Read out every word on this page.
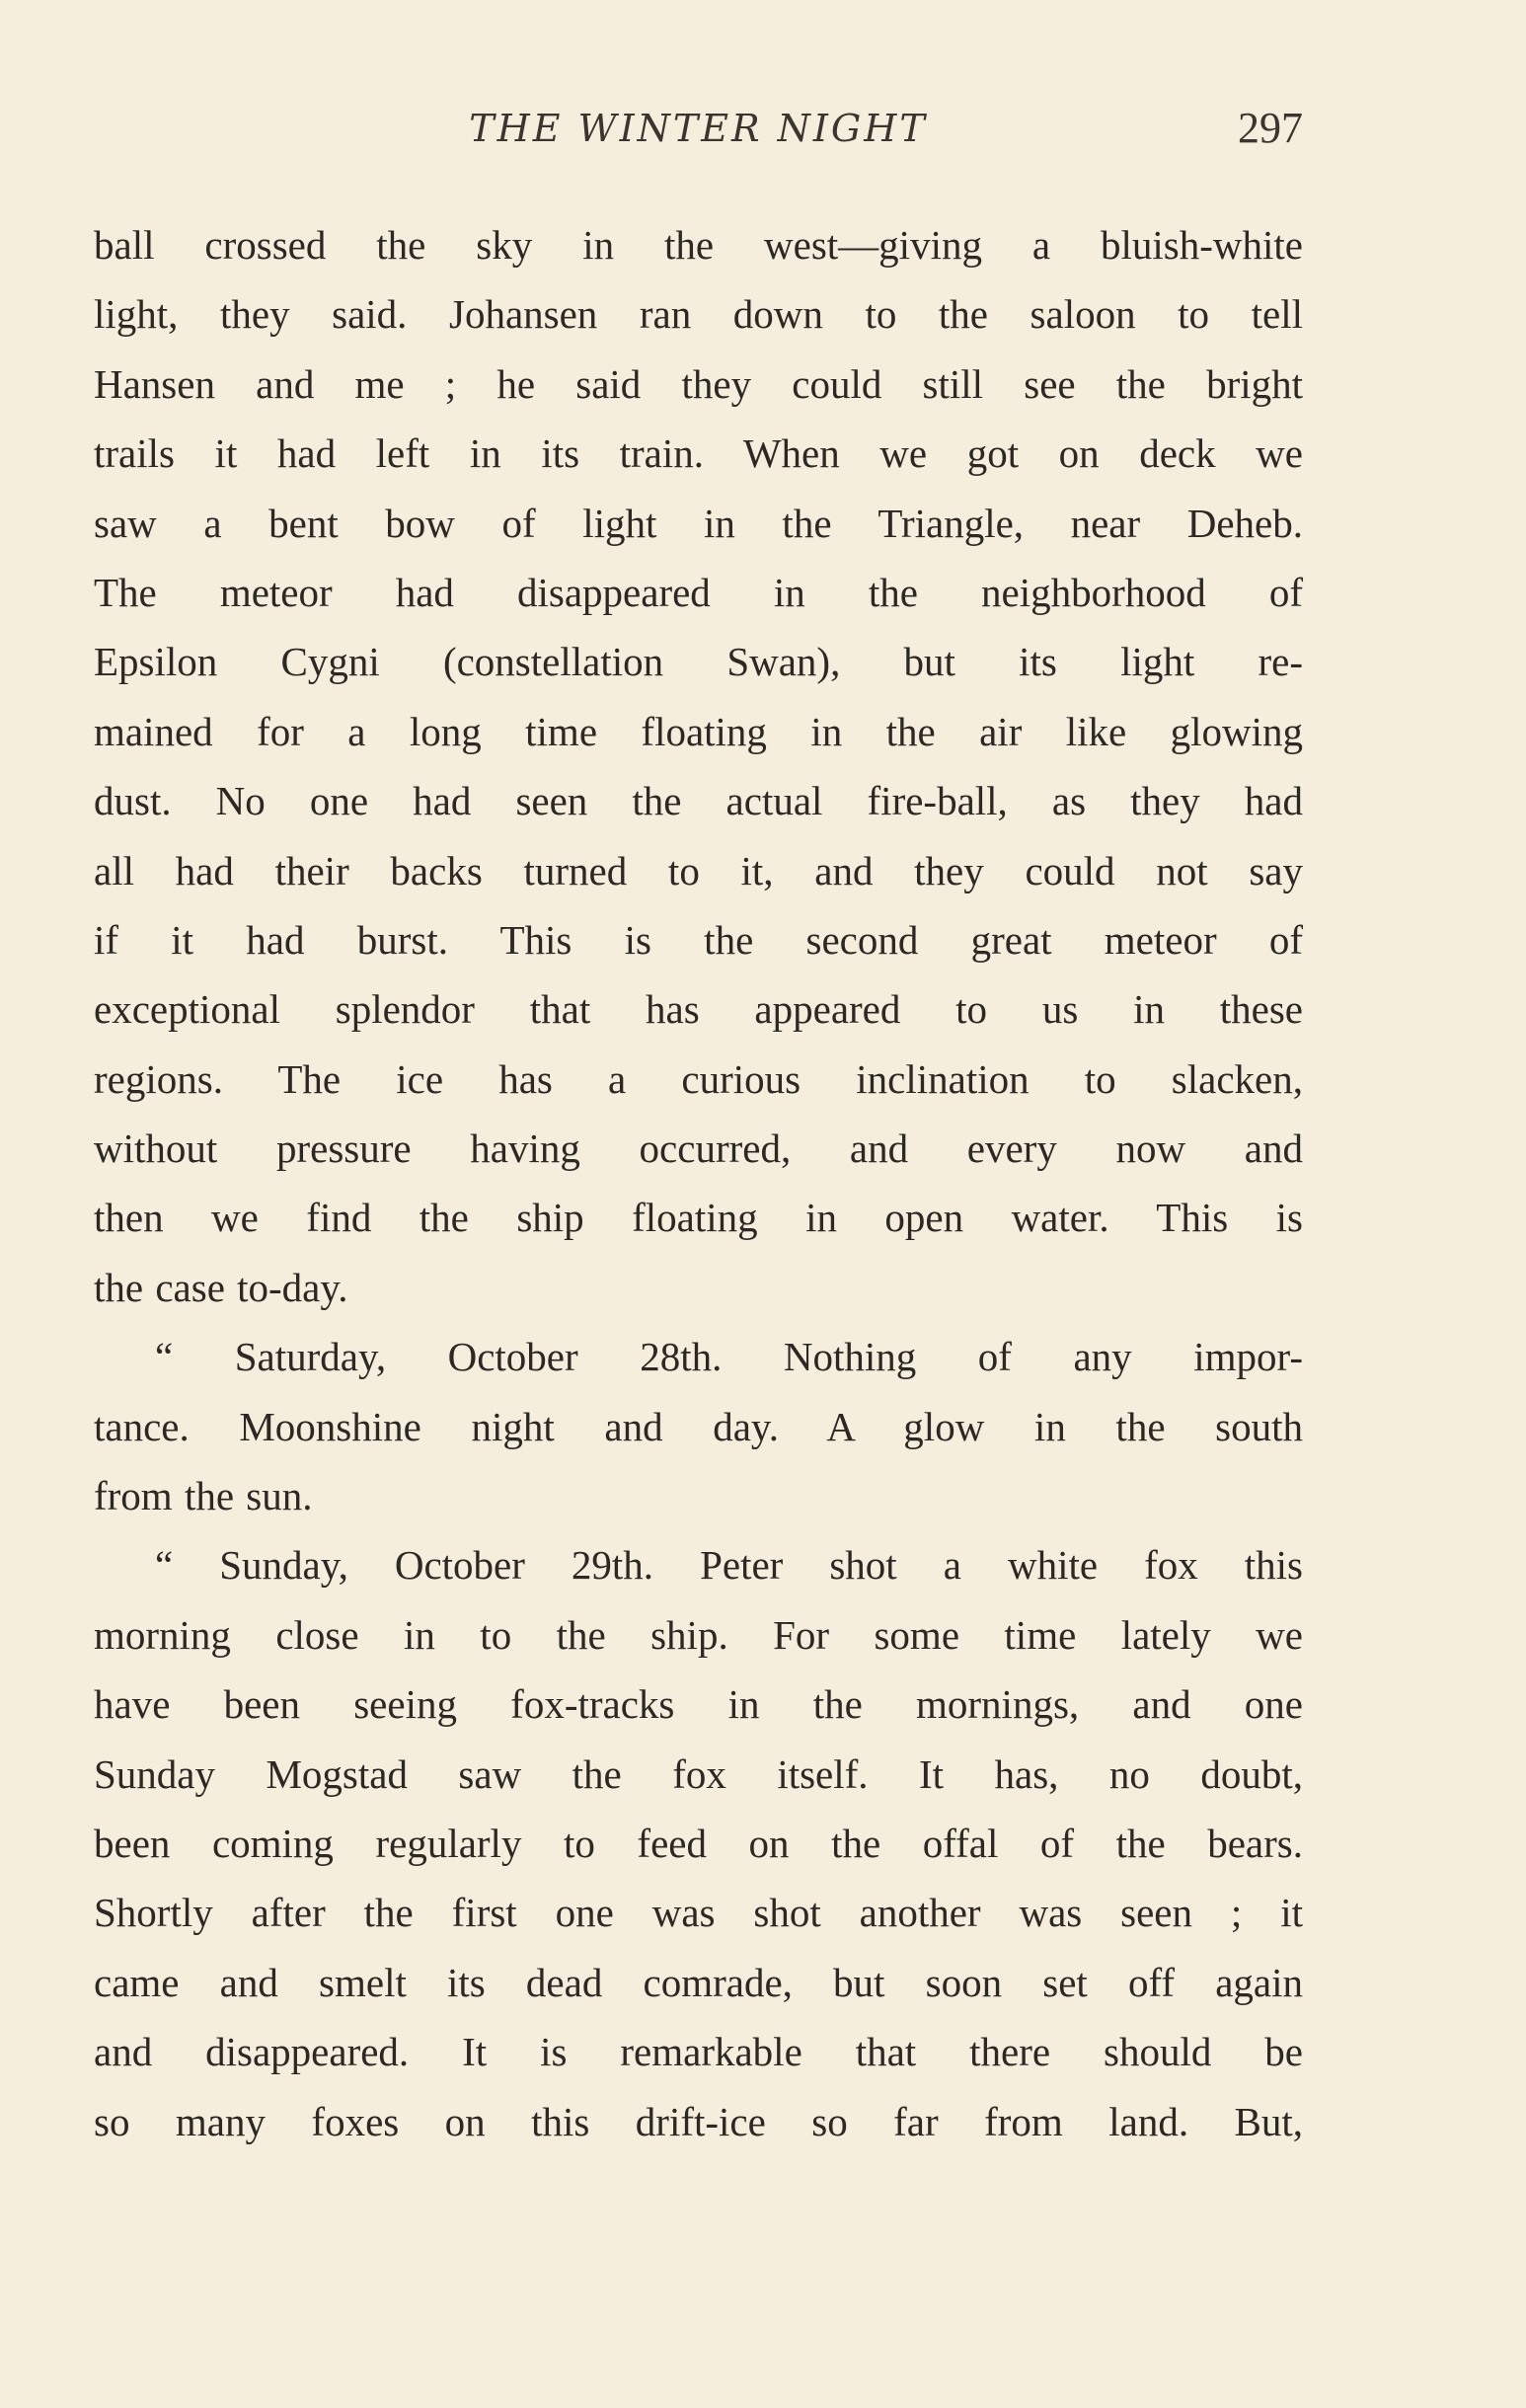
THE WINTER NIGHT	297
ball crossed the sky in the west—giving a bluish-white
light, they said. Johansen ran down to the saloon to tell
Hansen and me ; he said they could still see the bright
trails it had left in its train. When we got on deck we
saw a bent bow of light in the Triangle, near Deheb.
The meteor had disappeared in the neighborhood of
Epsilon Cygni (constellation Swan), but its light re-
mained for a long time floating in the air like glowing
dust. No one had seen the actual fire-ball, as they had
all had their backs turned to it, and they could not say
if it had burst. This is the second great meteor of
exceptional splendor that has appeared to us in these
regions. The ice has a curious inclination to slacken,
without pressure having occurred, and every now and
then we find the ship floating in open water. This is
the case to-day.
“ Saturday, October 28th. Nothing of any impor-
tance. Moonshine night and day. A glow in the south
from the sun.
“ Sunday, October 29th. Peter shot a white fox this
morning close in to the ship. For some time lately we
have been seeing fox-tracks in the mornings, and one
Sunday Mogstad saw the fox itself. It has, no doubt,
been coming regularly to feed on the offal of the bears.
Shortly after the first one was shot another was seen ; it
came and smelt its dead comrade, but soon set off again
and disappeared. It is remarkable that there should be
so many foxes on this drift-ice so far from land. But,
